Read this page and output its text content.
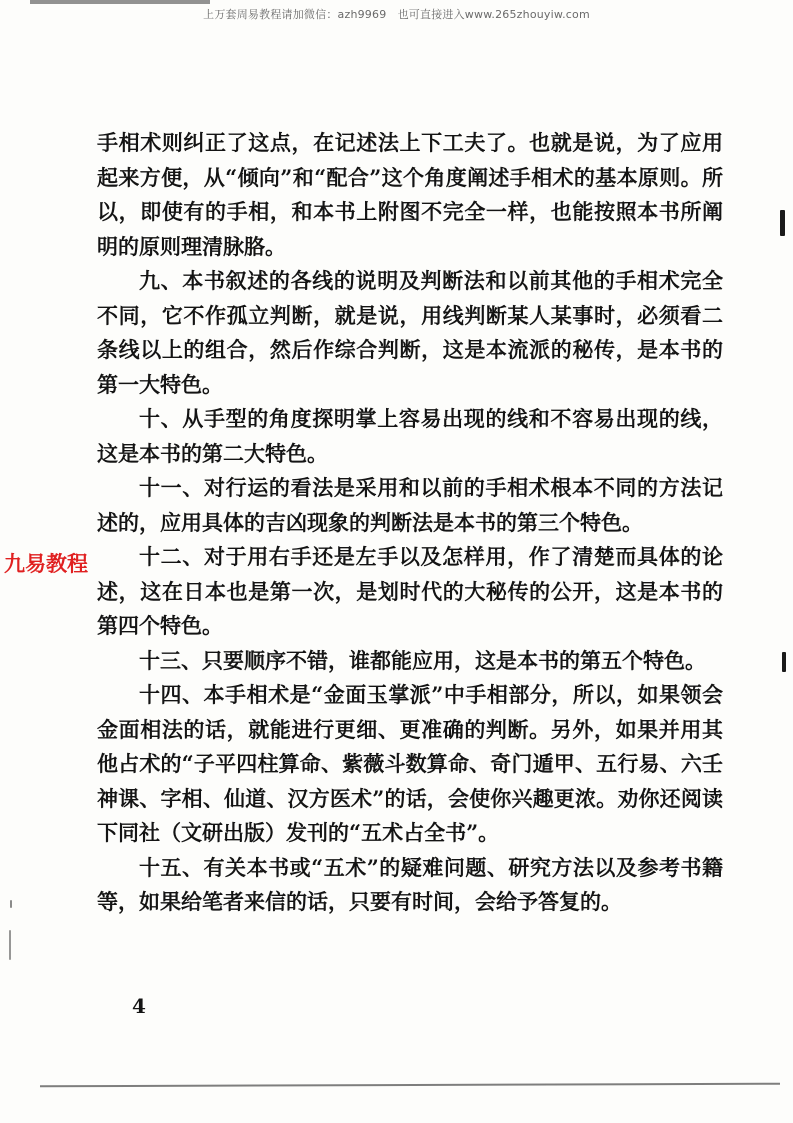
上万套周易教程请加微信：azh9969　也可直接进入www.265zhouyiw.com

手相术则纠正了这点，在记述法上下工夫了。也就是说，为了应用起来方便，从“倾向”和“配合”这个角度阐述手相术的基本原则。所以，即使有的手相，和本书上附图不完全一样，也能按照本书所阐明的原则理清脉胳。

九、本书叙述的各线的说明及判断法和以前其他的手相术完全不同，它不作孤立判断，就是说，用线判断某人某事时，必须看二条线以上的组合，然后作综合判断，这是本流派的秘传，是本书的第一大特色。

十、从手型的角度探明掌上容易出现的线和不容易出现的线，这是本书的第二大特色。

十一、对行运的看法是采用和以前的手相术根本不同的方法记述的，应用具体的吉凶现象的判断法是本书的第三个特色。

十二、对于用右手还是左手以及怎样用，作了清楚而具体的论述，这在日本也是第一次，是划时代的大秘传的公开，这是本书的第四个特色。

十三、只要顺序不错，谁都能应用，这是本书的第五个特色。

十四、本手相术是“金面玉掌派”中手相部分，所以，如果领会金面相法的话，就能进行更细、更准确的判断。另外，如果并用其他占术的“子平四柱算命、紫薇斗数算命、奇门遁甲、五行易、六壬神课、字相、仙道、汉方医术”的话，会使你兴趣更浓。劝你还阅读下同社（文研出版）发刊的“五术占全书”。

十五、有关本书或“五术”的疑难问题、研究方法以及参考书籍等，如果给笔者来信的话，只要有时间，会给予答复的。

九易教程
4
